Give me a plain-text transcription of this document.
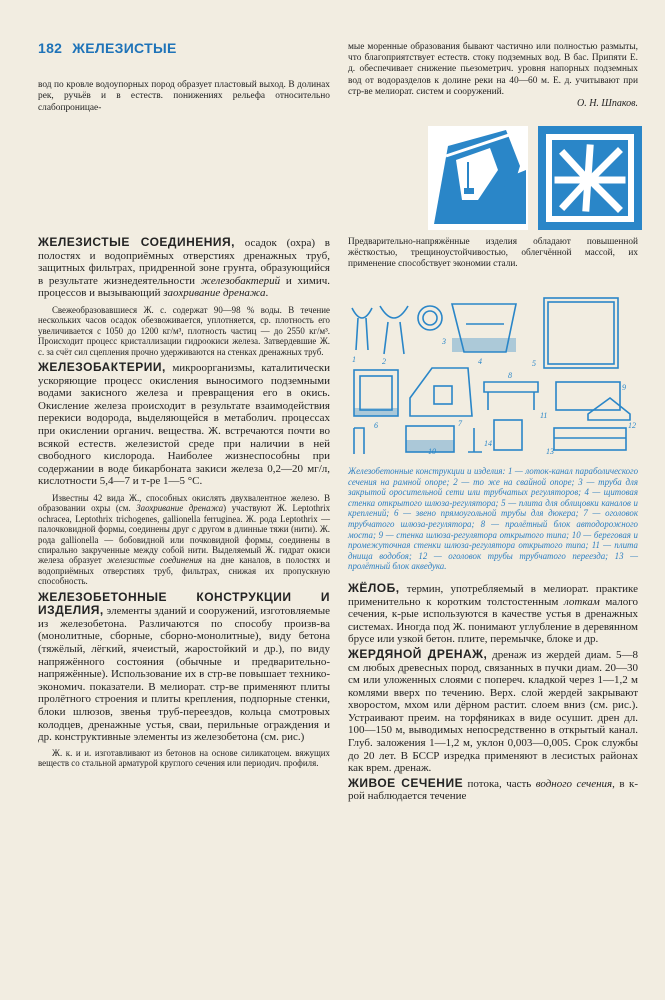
182 ЖЕЛЕЗИСТЫЕ

вод по кровле водоупорных пород образует пластовый выход. В долинах рек, ручьёв и в естеств. понижениях рельефа относительно слабопроницае-

мые моренные образования бывают частично или полностью размыты, что благоприятствует естеств. стоку подземных вод. В бас. Припяти Е. д. обеспечивает снижение пьезометрич. уровня напорных подземных вод от водоразделов к долине реки на 40—60 м. Е. д. учитывают при стр-ве мелиорат. систем и сооружений.

О. Н. Шпаков.

ЖЕЛЕЗИСТЫЕ СОЕДИНЕНИЯ, осадок (охра) в полостях и водоприёмных отверстиях дренажных труб, защитных фильтрах, придренной зоне грунта, образующийся в результате жизнедеятельности железобактерий и химич. процессов и вызывающий заохривание дренажа.

Свежеобразовавшиеся Ж. с. содержат 90—98 % воды. В течение нескольких часов осадок обезвоживается, уплотняется, ср. плотность его увеличивается с 1050 до 1200 кг/м³, плотность частиц — до 2550 кг/м³. Происходит процесс кристаллизации гидроокиси железа. Затвердевшие Ж. с. за счёт сил сцепления прочно удерживаются на стенках дренажных труб.

ЖЕЛЕЗОБАКТЕРИИ, микроорганизмы, каталитически ускоряющие процесс окисления выносимого подземными водами закисного железа и превращения его в окись. Окисление железа происходит в результате взаимодействия перекиси водорода, выделяющейся в метаболич. процессах при окислении органич. вещества. Ж. встречаются почти во всякой естеств. железистой среде при наличии в ней свободного кислорода. Наиболее жизнеспособны при содержании в воде бикарбоната закиси железа 0,2—20 мг/л, кислотности 5,4—7 и т-ре 1—5 °С.

Известны 42 вида Ж., способных окислять двухвалентное железо. В образовании охры (см. Заохривание дренажа) участвуют Ж. Leptothrix ochracea, Leptothrix trichogenes, gallionella ferruginea. Ж. рода Leptothrix — палочковидной формы, соединены друг с другом в длинные тяжи (нити). Ж. рода gallionella — бобовидной или почковидной формы, соединены в спирально закрученные между собой нити. Выделяемый Ж. гидрат окиси железа образует железистые соединения на дне каналов, в полостях и водоприёмных отверстиях труб, фильтрах, снижая их пропускную способность.

ЖЕЛЕЗОБЕТОННЫЕ КОНСТРУКЦИИ И ИЗДЕЛИЯ, элементы зданий и сооружений, изготовляемые из железобетона. Различаются по способу произв-ва (монолитные, сборные, сборно-монолитные), виду бетона (тяжёлый, лёгкий, ячеистый, жаростойкий и др.), по виду напряжённого состояния (обычные и предварительно-напряжённые). Использование их в стр-ве повышает технико-экономич. показатели. В мелиорат. стр-ве применяют плиты пролётного строения и плиты крепления, подпорные стенки, блоки шлюзов, звенья труб-переездов, кольца смотровых колодцев, дренажные устья, сваи, перильные ограждения и др. конструктивные элементы из железобетона (см. рис.)

Ж. к. и и. изготавливают из бетонов на основе силикатоцем. вяжущих веществ со стальной арматурой круглого сечения или периодич. профиля.

Предварительно-напряжённые изделия обладают повышенной жёсткостью, трещиноустойчивостью, облегчённой массой, их применение способствует экономии стали.

1	2
3
4	5
6	7
8
9
10
11
12
13
14

Железобетонные конструкции и изделия: 1 — лоток-канал параболического сечения на рамной опоре; 2 — то же на свайной опоре; 3 — труба для закрытой оросительной сети или трубчатых регуляторов; 4 — щитовая стенка открытого шлюза-регулятора; 5 — плита для облицовки каналов и креплений; 6 — звено прямоугольной трубы для дюкера; 7 — оголовок трубчатого шлюза-регулятора; 8 — пролётный блок автодорожного моста; 9 — стенка шлюза-регулятора открытого типа; 10 — береговая и промежуточная стенки шлюза-регулятора открытого типа; 11 — плита днища водобоя; 12 — оголовок трубы трубчатого переезда; 13 — пролётный блок акведука.

ЖЁЛОБ, термин, употребляемый в мелиорат. практике применительно к коротким толстостенным лоткам малого сечения, к-рые используются в качестве устья в дренажных системах. Иногда под Ж. понимают углубление в деревянном брусе или узкой бетон. плите, перемычке, блоке и др.

ЖЕРДЯНОЙ ДРЕНАЖ, дренаж из жердей диам. 5—8 см любых древесных пород, связанных в пучки диам. 20—30 см или уложенных слоями с попереч. кладкой через 1—1,2 м комлями вверх по течению. Верх. слой жердей закрывают хворостом, мхом или дёрном растит. слоем вниз (см. рис.). Устраивают преим. на торфяниках в виде осушит. дрен дл. 100—150 м, выводимых непосредственно в открытый канал. Глуб. заложения 1—1,2 м, уклон 0,003—0,005. Срок службы до 20 лет. В БССР изредка применяют в лесистых районах как врем. дренаж.

ЖИВОЕ СЕЧЕНИЕ потока, часть водного сечения, в к-рой наблюдается течение
